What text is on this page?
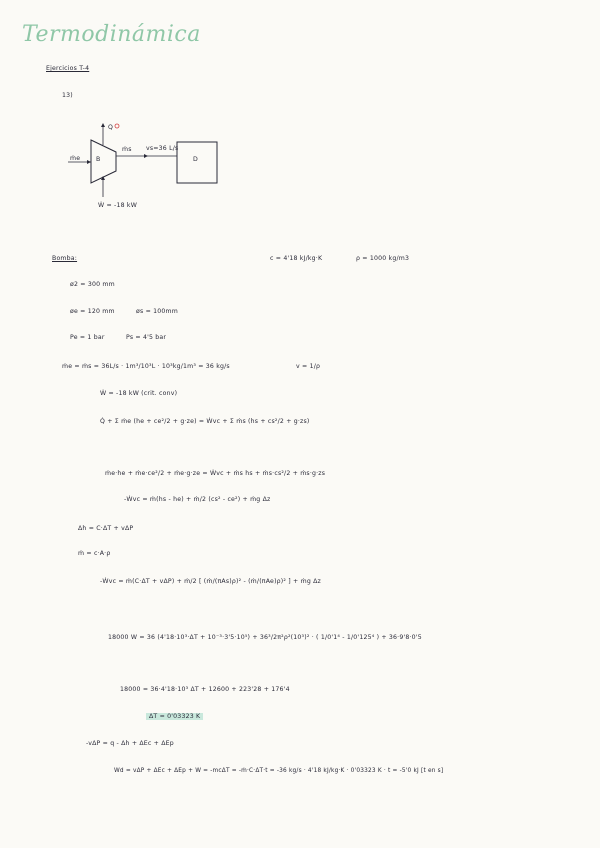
Termodinámica
Ejercicios T-4
13)
ṁe
ṁs vs=36 L/s
Q
B	D
Ẇ = -18 kW
Bomba:	c = 4'18 kJ/kg·K	ρ = 1000 kg/m3
ø2 = 300 mm
øe = 120 mm	øs = 100mm
Pe = 1 bar	Ps = 4'5 bar
ṁe = ṁs = 36L/s · 1m³/10³L · 10³kg/1m³ = 36 kg/s	v = 1/ρ
Ẇ = -18 kW (crit. conv)
Q̇ + Σ ṁe (he + ce²/2 + g·ze) = Ẇvc + Σ ṁs (hs + cs²/2 + g·zs)
ṁe·he + ṁe·ce²/2 + ṁe·g·ze = Ẇvc + ṁs hs + ṁs·cs²/2 + ṁs·g·zs
-Ẇvc = ṁ(hs - he) + ṁ/2 (cs² - ce²) + ṁg Δz
Δh = C·ΔT + vΔP
ṁ = c·A·ρ
-Ẇvc = ṁ(C·ΔT + vΔP) + ṁ/2 [ (ṁ/(πAs)ρ)² - (ṁ/(πAe)ρ)² ] + ṁg Δz
18000 W = 36 (4'18·10³·ΔT + 10⁻³·3'5·10⁵) + 36³/2π²ρ²(10³)² · ( 1/0'1⁴ - 1/0'125⁴ ) + 36·9'8·0'5
18000 = 36·4'18·10³ ΔT + 12600 + 223'28 + 176'4
ΔT = 0'03323 K
-vΔP = q - Δh + ΔEc + ΔEp
Wd = vΔP + ΔEc + ΔEp + W = -mcΔT = -ṁ·C·ΔT·t = -36 kg/s · 4'18 kJ/kg·K · 0'03323 K · t = -5'0 kJ [t en s]
